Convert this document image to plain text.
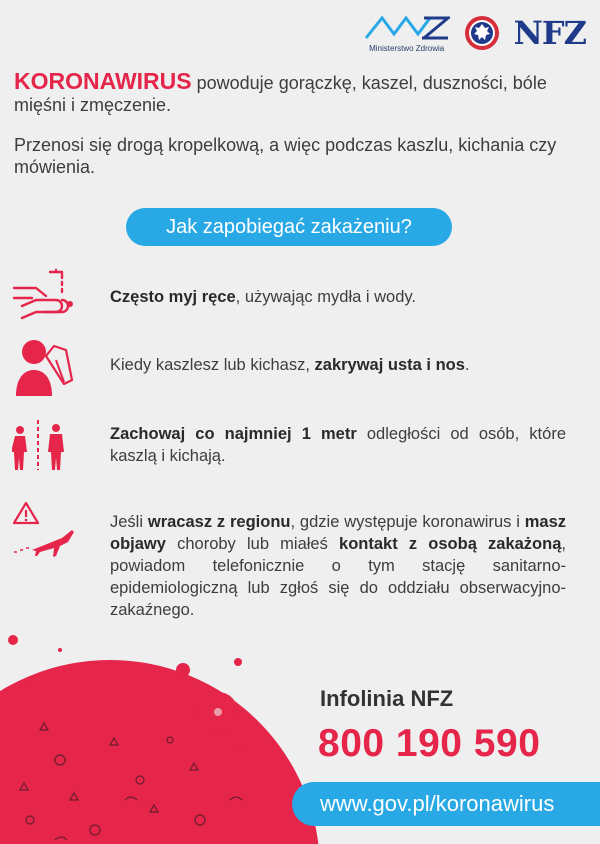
Ministerstwo Zdrowia NFZ

KORONAWIRUS powoduje gorączkę, kaszel, duszności, bóle mięśni i zmęczenie.

Przenosi się drogą kropelkową, a więc podczas kaszlu, kichania czy mówienia.

Jak zapobiegać zakażeniu?
Często myj ręce, używając mydła i wody.
Kiedy kaszlesz lub kichasz, zakrywaj usta i nos.
Zachowaj co najmniej 1 metr odległości od osób, które kaszlą i kichają.
Jeśli wracasz z regionu, gdzie występuje koronawirus i masz objawy choroby lub miałeś kontakt z osobą zakażoną, powiadom telefonicznie o tym stację sanitarno-epidemiologiczną lub zgłoś się do oddziału obserwacyjno-zakaźnego.
Infolinia NFZ
800 190 590
www.gov.pl/koronawirus
